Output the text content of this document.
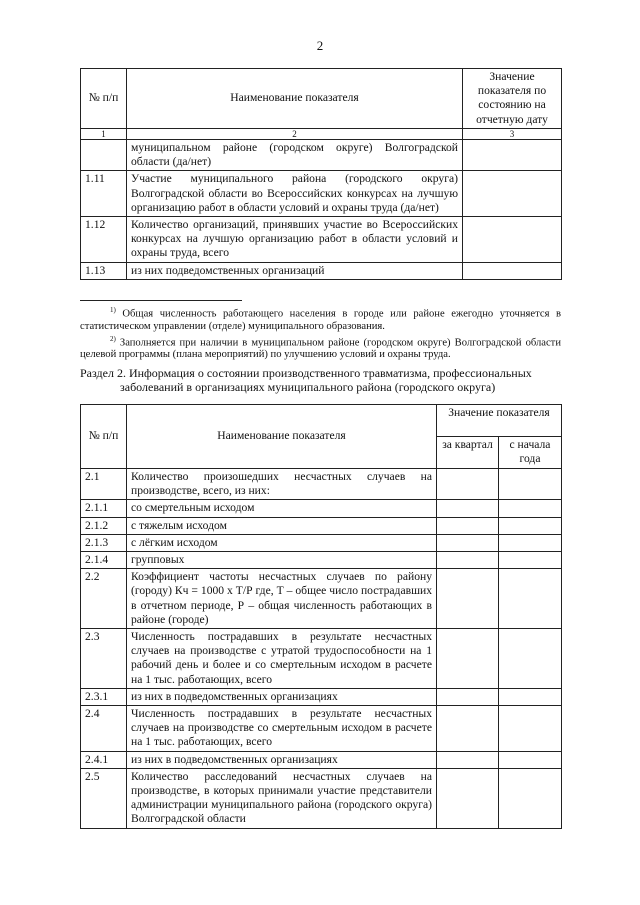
2
№ п/п	Наименование показателя	Значение показателя по состоянию на отчетную дату
1	2	3
	муниципальном районе (городском округе) Волгоградской области (да/нет)	
1.11	Участие муниципального района (городского округа) Волгоградской области во Всероссийских конкурсах на лучшую организацию работ в области условий и охраны труда (да/нет)	
1.12	Количество организаций, принявших участие во Всероссийских конкурсах на лучшую организацию работ в области условий и охраны труда, всего	
1.13	из них подведомственных организаций	

$^{1)}$ Общая численность работающего населения в городе или районе ежегодно уточняется в статистическом управлении (отделе) муниципального образования.

$^{2)}$ Заполняется при наличии в муниципальном районе (городском округе) Волгоградской области целевой программы (плана мероприятий) по улучшению условий и охраны труда.

Раздел 2. Информация о состоянии производственного травматизма, профессиональных

заболеваний в организациях муниципального района (городского округа)

№ п/п	Наименование показателя	Значение показателя	
		за квартал	с начала года
2.1	Количество произошедших несчастных случаев на производстве, всего, из них:		
2.1.1	со смертельным исходом		
2.1.2	с тяжелым исходом		
2.1.3	с лёгким исходом		
2.1.4	групповых		
2.2	Коэффициент частоты несчастных случаев по району (городу) Кч = 1000 х Т/Р где, Т – общее число пострадавших в отчетном периоде, Р – общая численность работающих в районе (городе)		
2.3	Численность пострадавших в результате несчастных случаев на производстве с утратой трудоспособности на 1 рабочий день и более и со смертельным исходом в расчете на 1 тыс. работающих, всего		
2.3.1	из них в подведомственных организациях		
2.4	Численность пострадавших в результате несчастных случаев на производстве со смертельным исходом в расчете на 1 тыс. работающих, всего		
2.4.1	из них в подведомственных организациях		
2.5	Количество расследований несчастных случаев на производстве, в которых принимали участие представители администрации муниципального района (городского округа) Волгоградской области		
